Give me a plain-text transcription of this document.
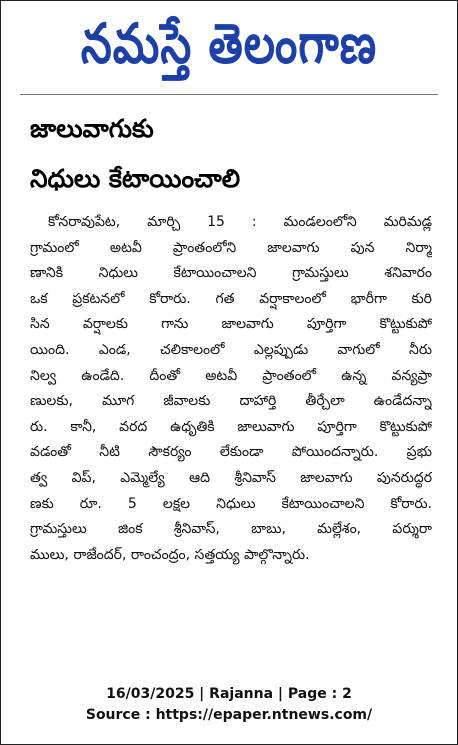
నమస్తే తెలంగాణ
జాలువాగుకు
నిధులు కేటాయించాలి
కోనరావుపేట, మార్చి 15 : మండలంలోని మరిమడ్ల
గ్రామంలో అటవీ ప్రాంతంలోని జాలవాగు పున నిర్మా
ణానికి నిధులు కేటాయించాలని గ్రామస్తులు శనివారం
ఒక ప్రకటనలో కోరారు. గత వర్షాకాలంలో భారీగా కురి
సిన వర్షాలకు గాను జాలవాగు పూర్తిగా కొట్టుకుపో
యింది. ఎండ, చలికాలంలో ఎల్లప్పుడు వాగులో నీరు
నిల్వ ఉండేది. దీంతో అటవీ ప్రాంతంలో ఉన్న వన్యప్రా
ణులకు, మూగ జీవాలకు దాహార్తి తీర్చేలా ఉండేదన్నా
రు. కానీ, వరద ఉధృతికి జాలువాగు పూర్తిగా కొట్టుకుపో
వడంతో నీటి సౌకర్యం లేకుండా పోయిందన్నారు. ప్రభు
త్వ విప్, ఎమ్మెల్యే ఆది శ్రీనివాస్ జాలవాగు పునరుద్ధర
ణకు రూ. 5 లక్షల నిధులు కేటాయించాలని కోరారు.
గ్రామస్తులు జింక శ్రీనివాస్, బాబు, మల్లేశం, పర్శురా
ములు, రాజేందర్, రాంచంద్రం, సత్తయ్య పాల్గొన్నారు.
16/03/2025 | Rajanna | Page : 2
Source : https://epaper.ntnews.com/
